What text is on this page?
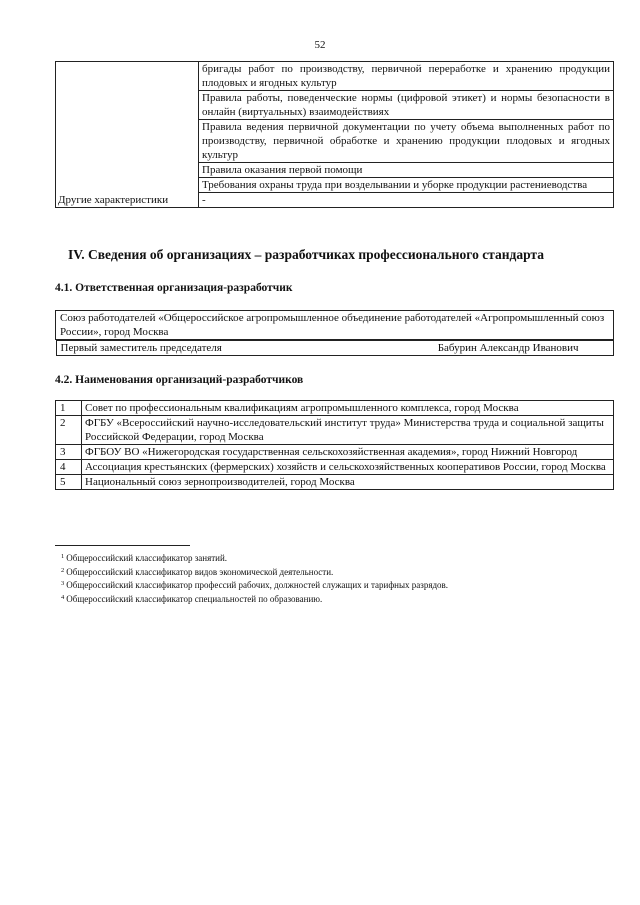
52
	бригады работ по производству, первичной переработке и хранению продукции плодовых и ягодных культур
	Правила работы, поведенческие нормы (цифровой этикет) и нормы безопасности в онлайн (виртуальных) взаимодействиях
	Правила ведения первичной документации по учету объема выполненных работ по производству, первичной обработке и хранению продукции плодовых и ягодных культур
	Правила оказания первой помощи
	Требования охраны труда при возделывании и уборке продукции растениеводства
Другие характеристики	-
IV. Сведения об организациях – разработчиках профессионального стандарта
4.1. Ответственная организация-разработчик
Союз работодателей «Общероссийское агропромышленное объединение работодателей «Агропромышленный союз России», город Москва

Первый заместитель председателя	Бабурин Александр Иванович
4.2. Наименования организаций-разработчиков
1	Совет по профессиональным квалификациям агропромышленного комплекса, город Москва
2	ФГБУ «Всероссийский научно-исследовательский институт труда» Министерства труда и социальной защиты Российской Федерации, город Москва
3	ФГБОУ ВО «Нижегородская государственная сельскохозяйственная академия», город Нижний Новгород
4	Ассоциация крестьянских (фермерских) хозяйств и сельскохозяйственных кооперативов России, город Москва
5	Национальный союз зернопроизводителей, город Москва
$^1$ Общероссийский классификатор занятий.
$^2$ Общероссийский классификатор видов экономической деятельности.
$^3$ Общероссийский классификатор профессий рабочих, должностей служащих и тарифных разрядов.
$^4$ Общероссийский классификатор специальностей по образованию.
